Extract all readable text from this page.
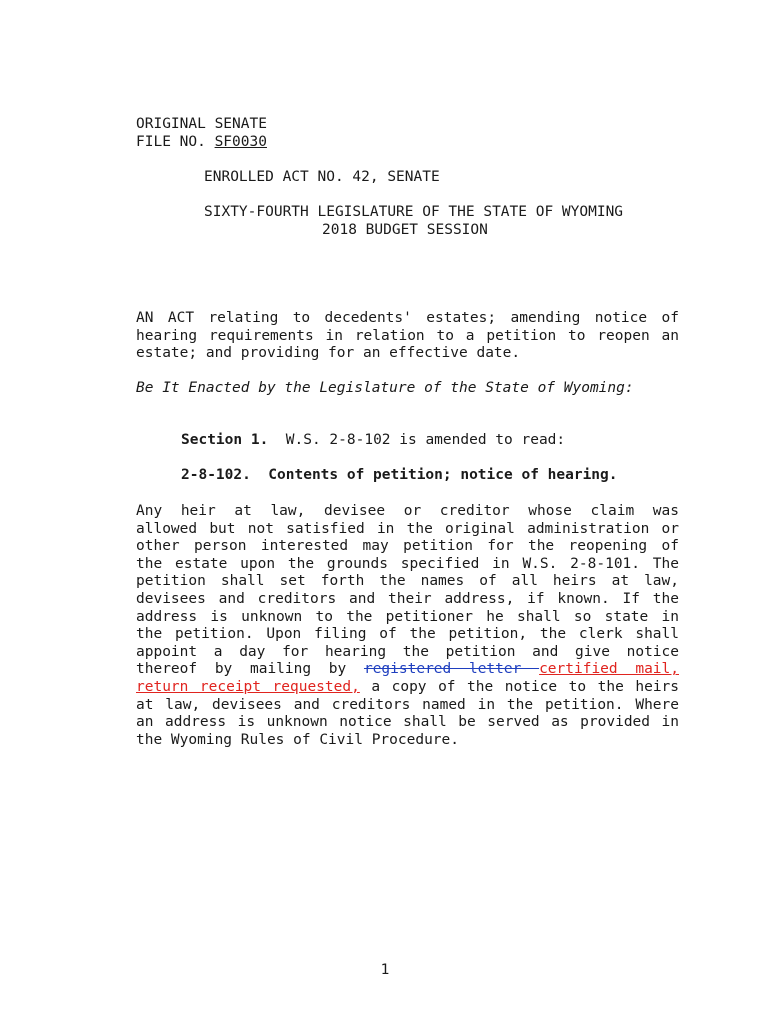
ORIGINAL SENATE
FILE NO. SF0030
ENROLLED ACT NO. 42, SENATE
SIXTY-FOURTH LEGISLATURE OF THE STATE OF WYOMING
2018 BUDGET SESSION
AN ACT relating to decedents' estates; amending notice of
hearing requirements in relation to a petition to reopen an
estate; and providing for an effective date.
Be It Enacted by the Legislature of the State of Wyoming:
Section 1. W.S. 2-8-102 is amended to read:
2-8-102.  Contents of petition; notice of hearing.
Any heir at law, devisee or creditor whose claim was
allowed but not satisfied in the original administration or
other person interested may petition for the reopening of
the estate upon the grounds specified in W.S. 2-8-101. The
petition shall set forth the names of all heirs at law,
devisees and creditors and their address, if known. If the
address is unknown to the petitioner he shall so state in
the petition. Upon filing of the petition, the clerk shall
appoint a day for hearing the petition and give notice
thereof by mailing by registered letter certified mail,
return receipt requested, a copy of the notice to the heirs
at law, devisees and creditors named in the petition. Where
an address is unknown notice shall be served as provided in
the Wyoming Rules of Civil Procedure.
1
